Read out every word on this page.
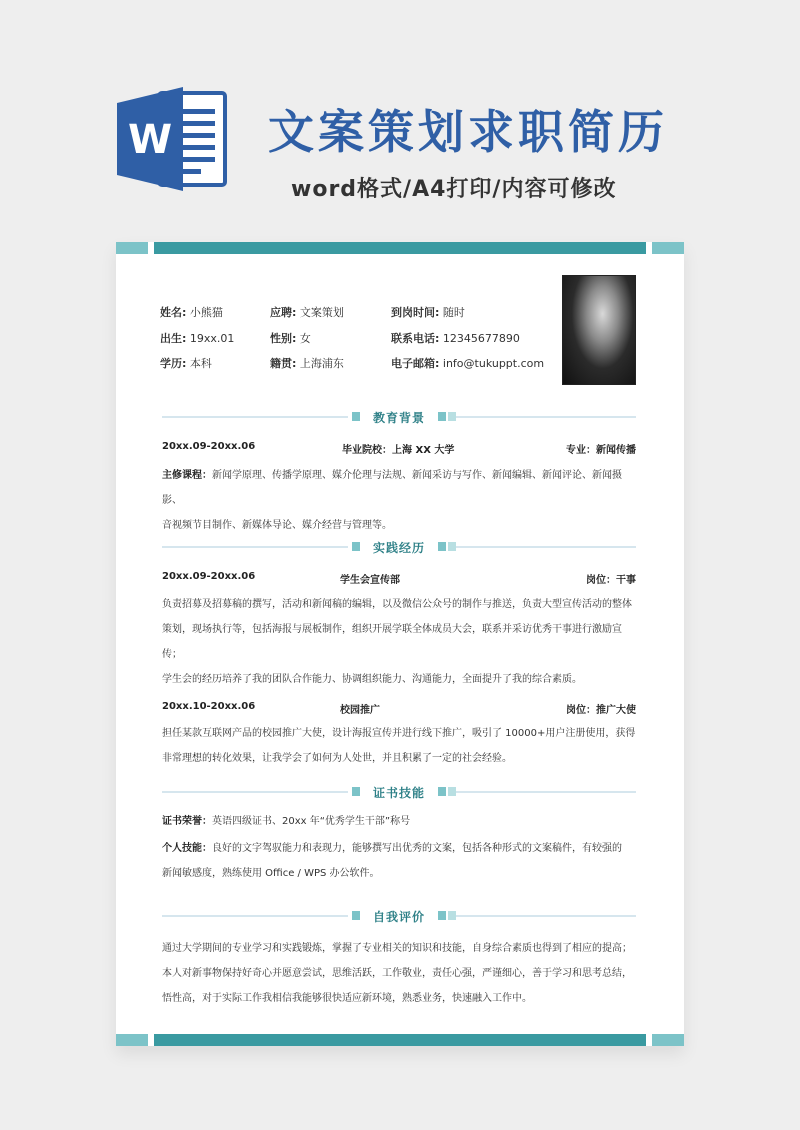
W 文案策划求职简历
word格式/A4打印/内容可修改
姓名: 小熊猫	应聘: 文案策划	到岗时间: 随时
出生: 19xx.01	性别: 女	联系电话: 12345677890
学历: 本科	籍贯: 上海浦东	电子邮箱: info@tukuppt.com
教育背景
20xx.09-20xx.06	毕业院校：上海 XX 大学	专业：新闻传播
主修课程：新闻学原理、传播学原理、媒介伦理与法规、新闻采访与写作、新闻编辑、新闻评论、新闻摄影、
音视频节目制作、新媒体导论、媒介经营与管理等。
实践经历
20xx.09-20xx.06	学生会宣传部	岗位：干事
负责招募及招募稿的撰写，活动和新闻稿的编辑，以及微信公众号的制作与推送，负责大型宣传活动的整体
策划，现场执行等，包括海报与展板制作，组织开展学联全体成员大会，联系并采访优秀干事进行激励宣传；
学生会的经历培养了我的团队合作能力、协调组织能力、沟通能力，全面提升了我的综合素质。
20xx.10-20xx.06	校园推广	岗位：推广大使
担任某款互联网产品的校园推广大使，设计海报宣传并进行线下推广，吸引了 10000+用户注册使用，获得
非常理想的转化效果，让我学会了如何为人处世，并且积累了一定的社会经验。
证书技能
证书荣誉：英语四级证书、20xx 年“优秀学生干部”称号
个人技能：良好的文字驾驭能力和表现力，能够撰写出优秀的文案，包括各种形式的文案稿件，有较强的
新闻敏感度，熟练使用 Office / WPS 办公软件。
自我评价
通过大学期间的专业学习和实践锻炼，掌握了专业相关的知识和技能，自身综合素质也得到了相应的提高；
本人对新事物保持好奇心并愿意尝试，思维活跃，工作敬业，责任心强，严谨细心，善于学习和思考总结，
悟性高，对于实际工作我相信我能够很快适应新环境，熟悉业务，快速融入工作中。
